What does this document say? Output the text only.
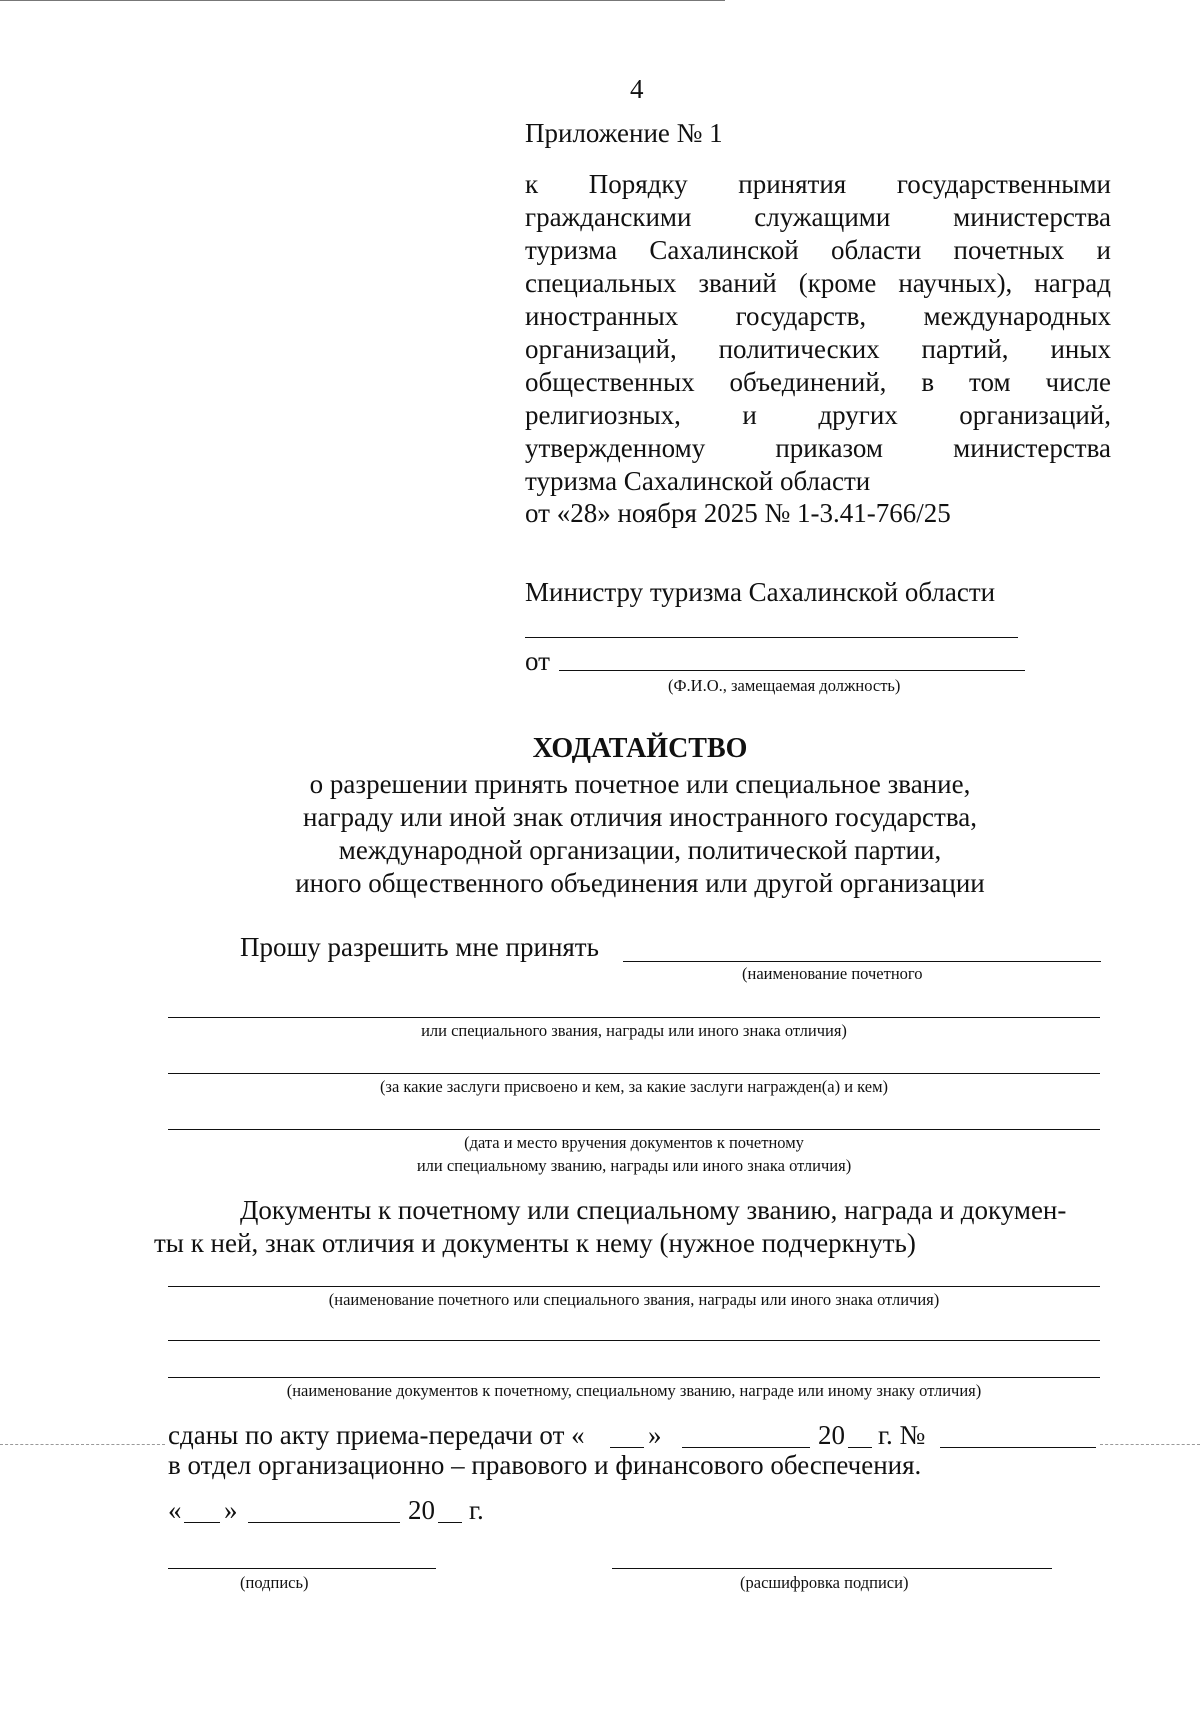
4
Приложение № 1
к Порядку принятия государственными
гражданскими служащими министерства
туризма Сахалинской области почетных и
специальных званий (кроме научных), наград
иностранных государств, международных
организаций, политических партий, иных
общественных объединений, в том числе
религиозных, и других организаций,
утвержденному приказом министерства
туризма Сахалинской области
от «28» ноября 2025 № 1-3.41-766/25
Министру туризма Сахалинской области
от
(Ф.И.О., замещаемая должность)
ХОДАТАЙСТВО
о разрешении принять почетное или специальное звание,
награду или иной знак отличия иностранного государства,
международной организации, политической партии,
иного общественного объединения или другой организации
Прошу разрешить мне принять
(наименование почетного
или специального звания, награды или иного знака отличия)
(за какие заслуги присвоено и кем, за какие заслуги награжден(а) и кем)
(дата и место вручения документов к почетному
или специальному званию, награды или иного знака отличия)
Документы к почетному или специальному званию, награда и докумен-
ты к ней, знак отличия и документы к нему (нужное подчеркнуть)
(наименование почетного или специального звания, награды или иного знака отличия)
(наименование документов к почетному, специальному званию, награде или иному знаку отличия)
сданы по акту приема-передачи от « »	20 г. №
в отдел организационно – правового и финансового обеспечения.
« »	20 г.
(подпись)	(расшифровка подписи)
